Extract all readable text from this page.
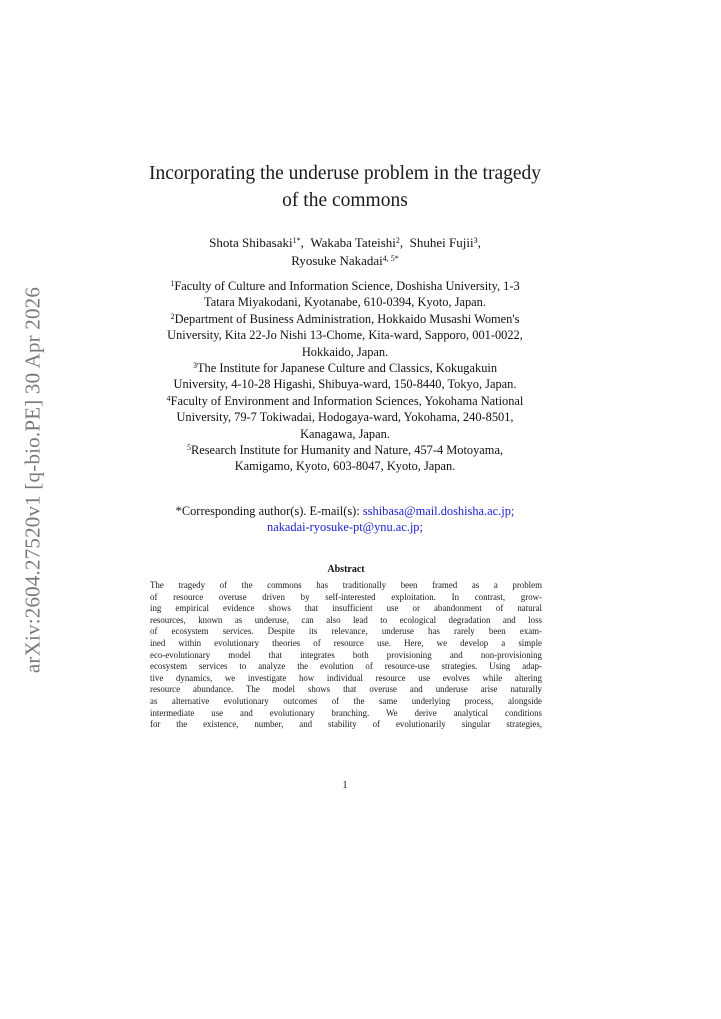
arXiv:2604.27520v1 [q-bio.PE] 30 Apr 2026
Incorporating the underuse problem in the tragedy
of the commons
Shota Shibasaki$^{1*}$,  Wakaba Tateishi$^2$,  Shuhei Fujii$^3$,
Ryosuke Nakadai$^{4, 5*}$
$^1$Faculty of Culture and Information Science, Doshisha University, 1-3
Tatara Miyakodani, Kyotanabe, 610-0394, Kyoto, Japan.
$^2$Department of Business Administration, Hokkaido Musashi Women's
University, Kita 22-Jo Nishi 13-Chome, Kita-ward, Sapporo, 001-0022,
Hokkaido, Japan.
$^3$The Institute for Japanese Culture and Classics, Kokugakuin
University, 4-10-28 Higashi, Shibuya-ward, 150-8440, Tokyo, Japan.
$^4$Faculty of Environment and Information Sciences, Yokohama National
University, 79-7 Tokiwadai, Hodogaya-ward, Yokohama, 240-8501,
Kanagawa, Japan.
$^5$Research Institute for Humanity and Nature, 457-4 Motoyama,
Kamigamo, Kyoto, 603-8047, Kyoto, Japan.
*Corresponding author(s). E-mail(s): sshibasa@mail.doshisha.ac.jp;
nakadai-ryosuke-pt@ynu.ac.jp;
Abstract
The tragedy of the commons has traditionally been framed as a problem
of resource overuse driven by self-interested exploitation. In contrast, grow-
ing empirical evidence shows that insufficient use or abandonment of natural
resources, known as underuse, can also lead to ecological degradation and loss
of ecosystem services. Despite its relevance, underuse has rarely been exam-
ined within evolutionary theories of resource use. Here, we develop a simple
eco-evolutionary model that integrates both provisioning and non-provisioning
ecosystem services to analyze the evolution of resource-use strategies. Using adap-
tive dynamics, we investigate how individual resource use evolves while altering
resource abundance. The model shows that overuse and underuse arise naturally
as alternative evolutionary outcomes of the same underlying process, alongside
intermediate use and evolutionary branching. We derive analytical conditions
for the existence, number, and stability of evolutionarily singular strategies,
1
